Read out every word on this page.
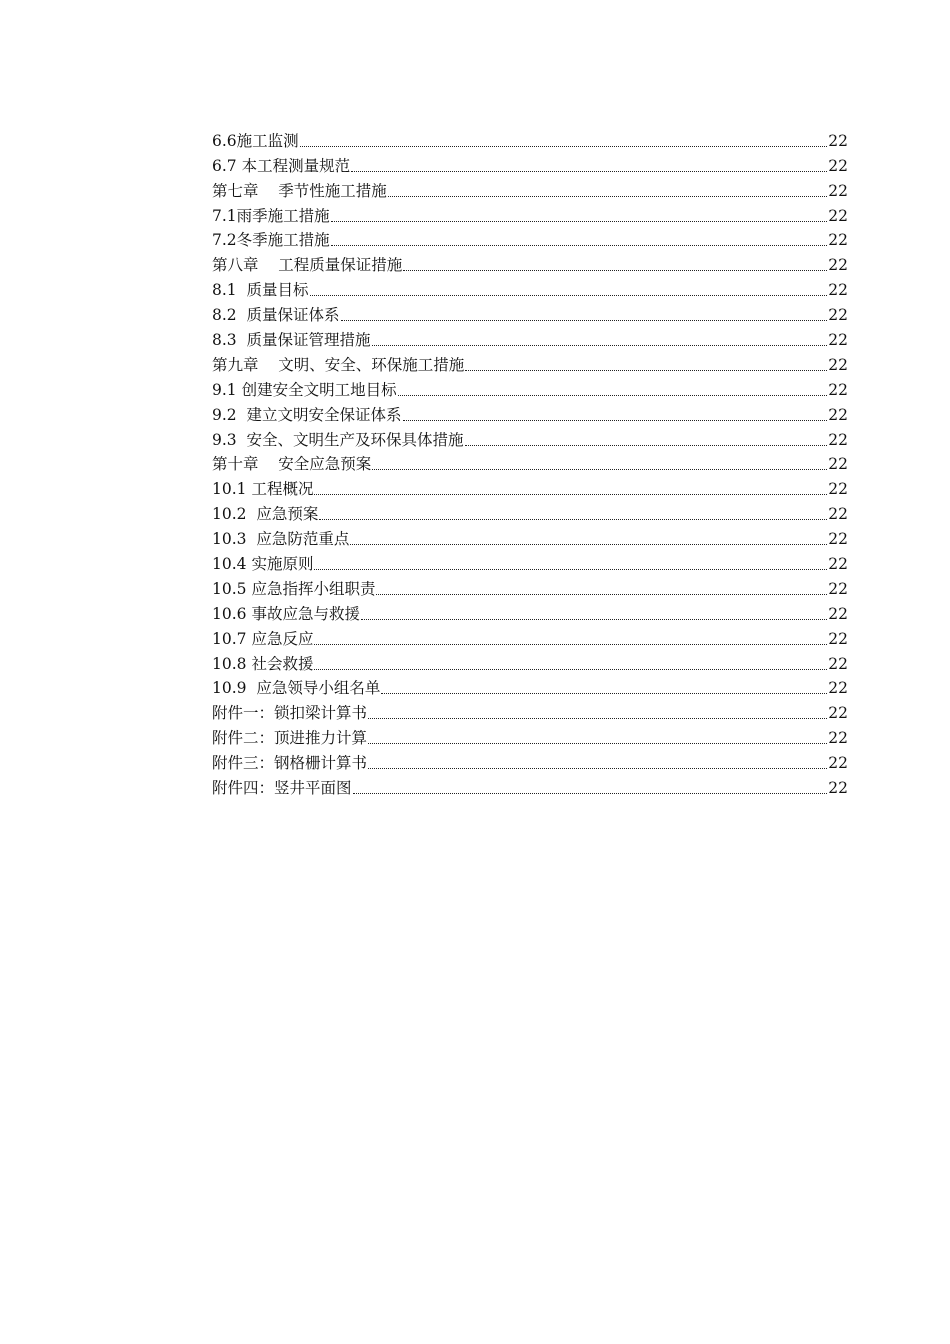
6.6施工监测	22
6.7 本工程测量规范	22
第七章    季节性施工措施	22
7.1雨季施工措施	22
7.2冬季施工措施	22
第八章    工程质量保证措施	22
8.1  质量目标	22
8.2  质量保证体系	22
8.3  质量保证管理措施	22
第九章    文明、安全、环保施工措施	22
9.1 创建安全文明工地目标	22
9.2  建立文明安全保证体系	22
9.3  安全、文明生产及环保具体措施	22
第十章    安全应急预案	22
10.1 工程概况	22
10.2  应急预案	22
10.3  应急防范重点	22
10.4 实施原则	22
10.5 应急指挥小组职责	22
10.6 事故应急与救援	22
10.7 应急反应	22
10.8 社会救援	22
10.9  应急领导小组名单	22
附件一：锁扣梁计算书	22
附件二：顶进推力计算	22
附件三：钢格栅计算书	22
附件四：竖井平面图	22
